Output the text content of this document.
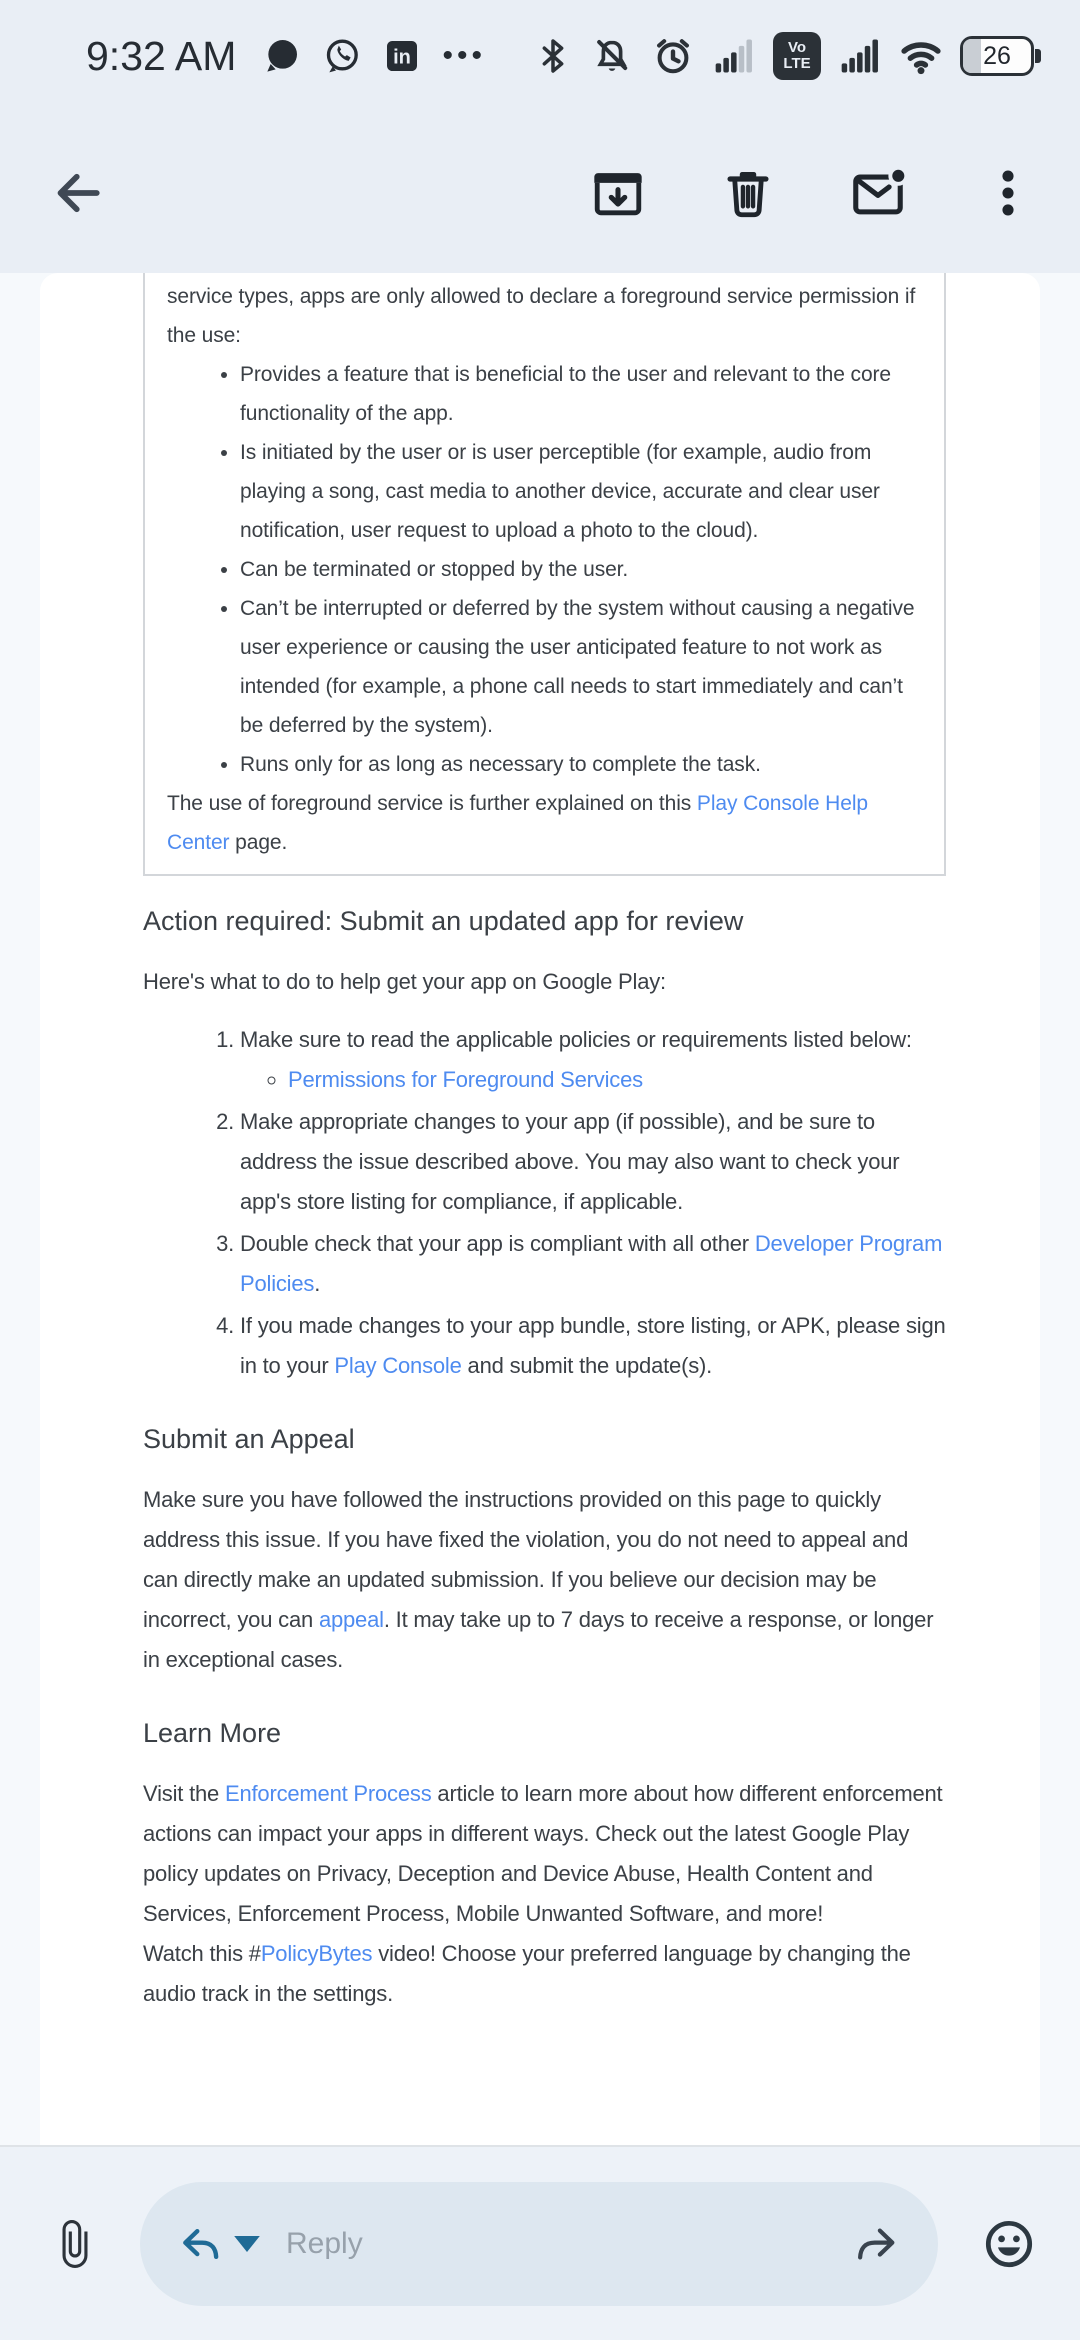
9:32 AM	in •••	Vo
LTE	26

service types, apps are only allowed to declare a foreground service permission if the use:

• Provides a feature that is beneficial to the user and relevant to the core functionality of the app.
• Is initiated by the user or is user perceptible (for example, audio from playing a song, cast media to another device, accurate and clear user notification, user request to upload a photo to the cloud).
• Can be terminated or stopped by the user.
• Can’t be interrupted or deferred by the system without causing a negative user experience or causing the user anticipated feature to not work as intended (for example, a phone call needs to start immediately and can’t be deferred by the system).
• Runs only for as long as necessary to complete the task.

The use of foreground service is further explained on this Play Console Help Center page.

Action required: Submit an updated app for review

Here's what to do to help get your app on Google Play:

1. Make sure to read the applicable policies or requirements listed below:
◦ Permissions for Foreground Services
2. Make appropriate changes to your app (if possible), and be sure to address the issue described above. You may also want to check your app's store listing for compliance, if applicable.
3. Double check that your app is compliant with all other Developer Program Policies.
4. If you made changes to your app bundle, store listing, or APK, please sign in to your Play Console and submit the update(s).
Submit an Appeal

Make sure you have followed the instructions provided on this page to quickly address this issue. If you have fixed the violation, you do not need to appeal and can directly make an updated submission. If you believe our decision may be incorrect, you can appeal. It may take up to 7 days to receive a response, or longer in exceptional cases.

Learn More

Visit the Enforcement Process article to learn more about how different enforcement actions can impact your apps in different ways. Check out the latest Google Play policy updates on Privacy, Deception and Device Abuse, Health Content and Services, Enforcement Process, Mobile Unwanted Software, and more!

Watch this #PolicyBytes video! Choose your preferred language by changing the audio track in the settings.

Reply
